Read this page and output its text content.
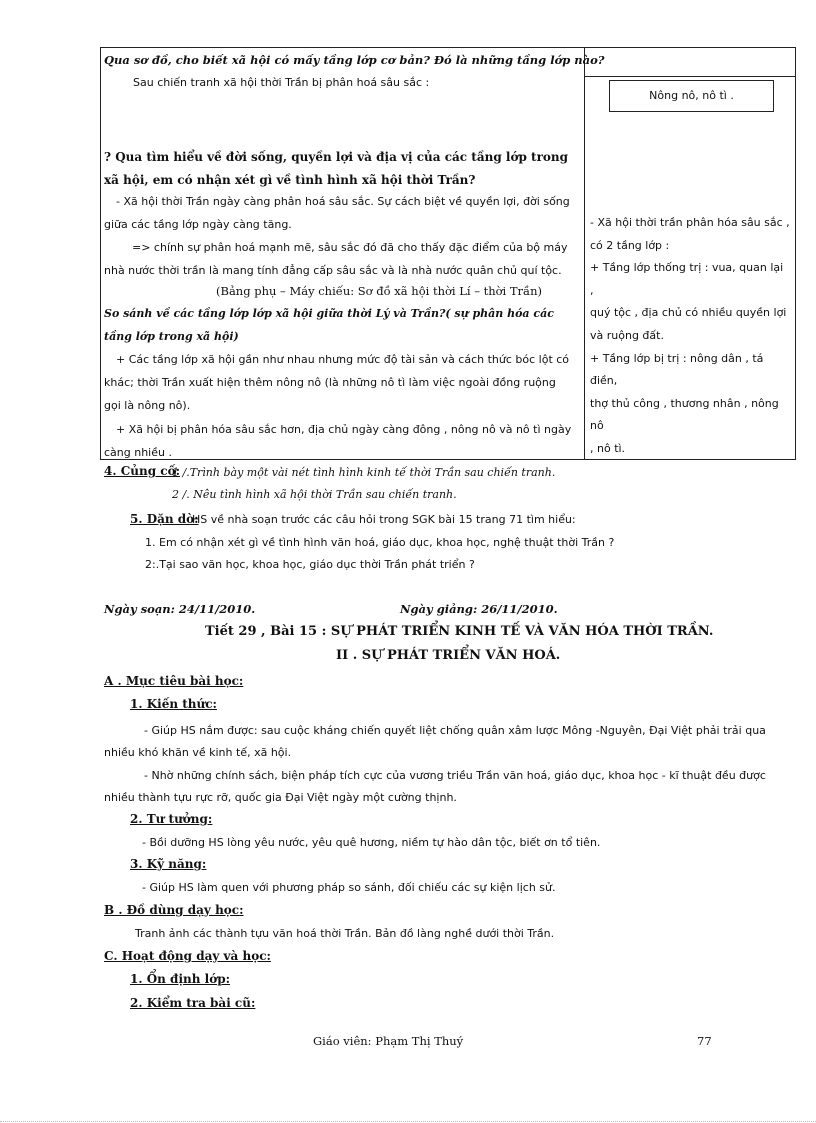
Nông nô, nô tì .
Qua sơ đồ, cho biết xã hội có mấy tầng lớp cơ bản? Đó là những tầng lớp nào?
Sau chiến tranh xã hội thời Trần bị phân hoá sâu sắc :
? Qua tìm hiểu về đời sống, quyền lợi và địa vị của các tầng lớp trong xã hội, em có nhận xét gì về tình hình xã hội thời Trần?
- Xã hội thời Trần ngày càng phân hoá sâu sắc. Sự cách biệt về quyền lợi, đời sống giữa các tầng lớp ngày càng tăng.
=> chính sự phân hoá mạnh mẽ, sâu sắc đó đã cho thấy đặc điểm của bộ máy nhà nước thời trần là mang tính đẳng cấp sâu sắc và là nhà nước quân chủ quí tộc.
(Bảng phụ – Máy chiếu: Sơ đồ xã hội thời Lí – thời Trần)
So sánh về các tầng lớp lớp xã hội giữa thời Lý và Trần?( sự phân hóa các tầng lớp trong xã hội)
+ Các tầng lớp xã hội gần như nhau nhưng mức độ tài sản và cách thức bóc lột có khác; thời Trần xuất hiện thêm nông nô (là những nô tì làm việc ngoài đồng ruộng gọi là nông nô).
+ Xã hội bị phân hóa sâu sắc hơn, địa chủ ngày càng đông , nông nô và nô tì ngày càng nhiều .
- Xã hội thời trần phân hóa sâu sắc ,
có 2 tầng lớp :
+ Tầng lớp thống trị : vua, quan lại ,
quý tộc , địa chủ có nhiều quyền lợi
và ruộng đất.
+ Tầng lớp bị trị : nông dân , tá điền,
thợ thủ công , thương nhân , nông nô
, nô tì.
4. Củng cố:
1 /.Trình bày một vài nét tình hình kinh tế thời Trần sau chiến tranh.
2 /. Nêu tình hình xã hội thời Trần sau chiến tranh.
5. Dặn dò:
HS về nhà soạn trước các câu hỏi trong SGK bài 15 trang 71 tìm hiểu:
1. Em có nhận xét gì về tình hình văn hoá, giáo dục, khoa học, nghệ thuật thời Trần ?
2:.Tại sao văn học, khoa học, giáo dục thời Trần phát triển ?
Ngày soạn: 24/11/2010.	Ngày giảng: 26/11/2010.
Tiết 29 , Bài 15 : SỰ PHÁT TRIỂN KINH TẾ VÀ VĂN HÓA THỜI TRẦN.
II . SỰ PHÁT TRIỂN VĂN HOÁ.
A . Mục tiêu bài học:
1. Kiến thức:
- Giúp HS nắm được: sau cuộc kháng chiến quyết liệt chống quân xâm lược Mông -Nguyên, Đại Việt phải trải qua nhiều khó khăn về kinh tế, xã hội.
- Nhờ những chính sách, biện pháp tích cực của vương triều Trần văn hoá, giáo dục, khoa học - kĩ thuật đều được nhiều thành tựu rực rỡ, quốc gia Đại Việt ngày một cường thịnh.
2. Tư tưởng:
- Bồi dưỡng HS lòng yêu nước, yêu quê hương, niềm tự hào dân tộc, biết ơn tổ tiên.
3. Kỹ năng:
- Giúp HS làm quen với phương pháp so sánh, đối chiếu các sự kiện lịch sử.
B . Đồ dùng dạy học:
Tranh ảnh các thành tựu văn hoá thời Trần. Bản đồ làng nghề dưới thời Trần.
C. Hoạt động dạy và học:
1. Ổn định lớp:
2. Kiểm tra bài cũ:
Giáo viên: Phạm Thị Thuý	77
